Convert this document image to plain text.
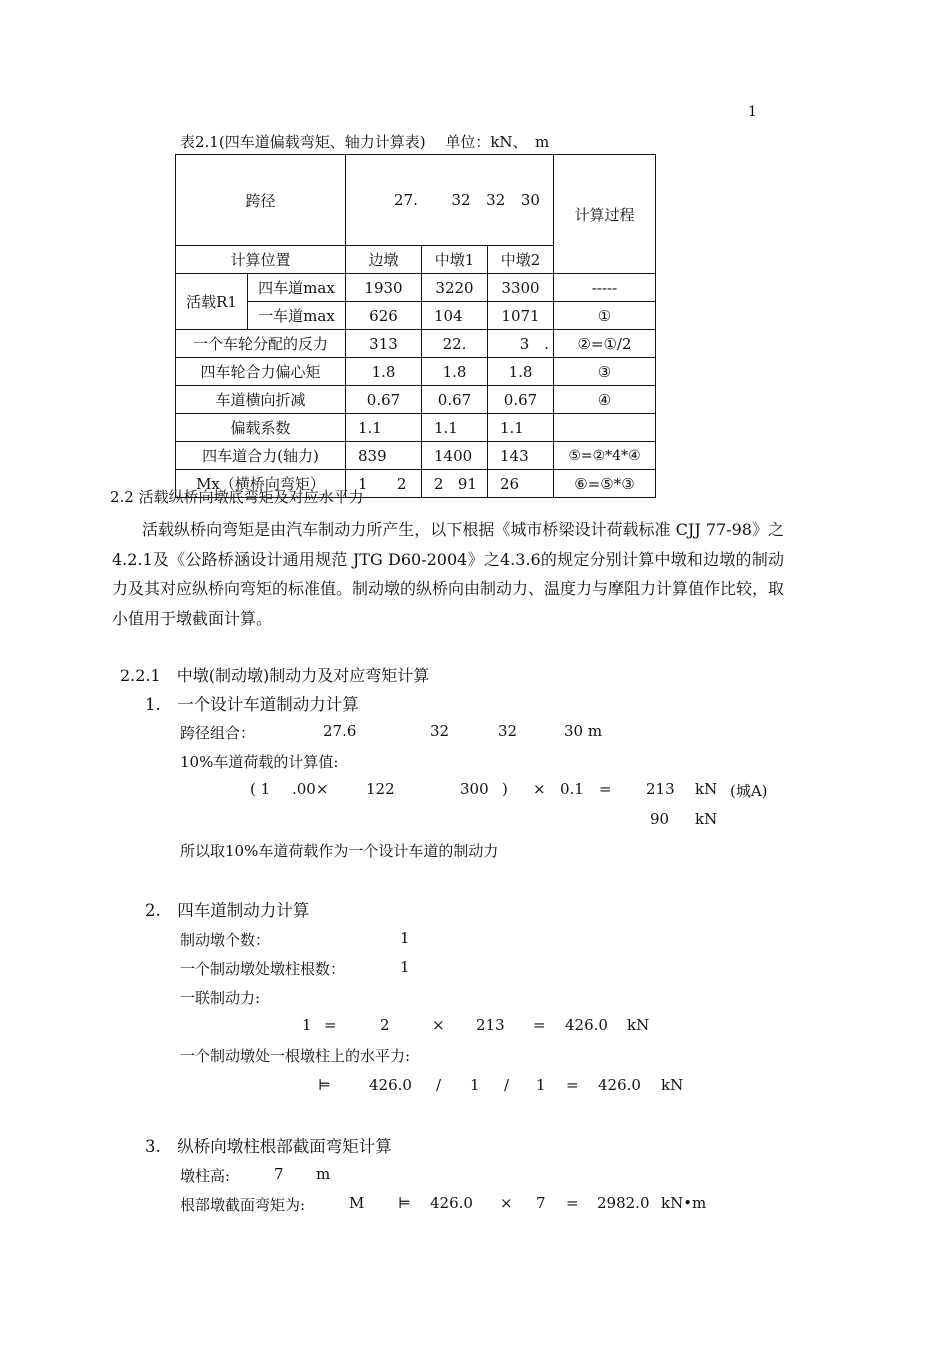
1
表2.1(四车道偏载弯矩、轴力计算表)　 单位：kN、　m
跨径		27. 32 32 30			计算过程
计算位置		边墩	中墩1	中墩2	
活载R1	四车道max	1930	3220	3300	-----
	一车道max	626	104	1071	①
一个车轮分配的反力		313	22.	3　.	②=①/2
四车轮合力偏心矩		1.8	1.8	1.8	③
车道横向折减		0.67	0.67	0.67	④
偏载系数		1.1	1.1	1.1	
四车道合力(轴力)		839	1400	143	⑤=②*4*④
Mx（横桥向弯矩）		1　   2	2   91	26	⑥=⑤*③
2.2 活载纵桥向墩底弯矩及对应水平力
活载纵桥向弯矩是由汽车制动力所产生，以下根据《城市桥梁设计荷载标准 CJJ 77-98》之4.2.1及《公路桥涵设计通用规范 JTG D60-2004》之4.3.6的规定分别计算中墩和边墩的制动力及其对应纵桥向弯矩的标准值。制动墩的纵桥向由制动力、温度力与摩阻力计算值作比较，取小值用于墩截面计算。
2.2.1　中墩(制动墩)制动力及对应弯矩计算
1.　一个设计车道制动力计算
跨径组合：	27.6	32	32	30 m
10%车道荷载的计算值:
( 1 .00×	122	300 ) × 0.1 = 213 kN (城A)
90 kN
所以取10%车道荷载作为一个设计车道的制动力
2.　四车道制动力计算
制动墩个数：	1
一个制动墩处墩柱根数：	1
一联制动力:
1 =	2	× 213 = 426.0 kN
一个制动墩处一根墩柱上的水平力:
⊨	426.0 / 1 / 1 = 426.0 kN
3.　纵桥向墩柱根部截面弯矩计算
墩柱高:	7 m
根部墩截面弯矩为:	M ⊨ 426.0 × 7 = 2982.0 kN•m
